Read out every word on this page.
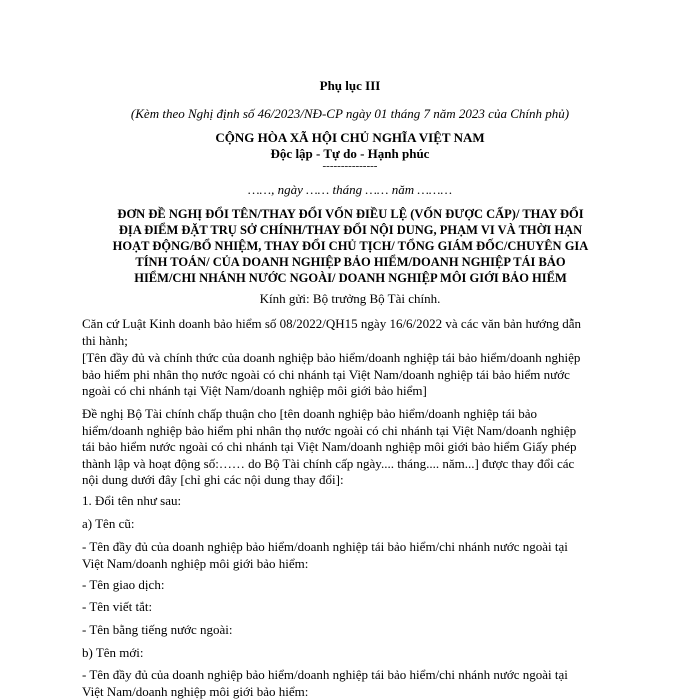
Phụ lục III
(Kèm theo Nghị định số 46/2023/NĐ-CP ngày 01 tháng 7 năm 2023 của Chính phủ)
CỘNG HÒA XÃ HỘI CHỦ NGHĨA VIỆT NAM
Độc lập - Tự do - Hạnh phúc
---------------
……, ngày …… tháng …… năm ………
ĐƠN ĐỀ NGHỊ ĐỔI TÊN/THAY ĐỔI VỐN ĐIỀU LỆ (VỐN ĐƯỢC CẤP)/ THAY ĐỔI
ĐỊA ĐIỂM ĐẶT TRỤ SỞ CHÍNH/THAY ĐỔI NỘI DUNG, PHẠM VI VÀ THỜI HẠN
HOẠT ĐỘNG/BỔ NHIỆM, THAY ĐỔI CHỦ TỊCH/ TỔNG GIÁM ĐỐC/CHUYÊN GIA
TÍNH TOÁN/ CỦA DOANH NGHIỆP BẢO HIỂM/DOANH NGHIỆP TÁI BẢO
HIỂM/CHI NHÁNH NƯỚC NGOÀI/ DOANH NGHIỆP MÔI GIỚI BẢO HIỂM
Kính gửi: Bộ trưởng Bộ Tài chính.
Căn cứ Luật Kinh doanh bảo hiểm số 08/2022/QH15 ngày 16/6/2022 và các văn bản hướng dẫn
thi hành;
[Tên đầy đủ và chính thức của doanh nghiệp bảo hiểm/doanh nghiệp tái bảo hiểm/doanh nghiệp
bảo hiểm phi nhân thọ nước ngoài có chi nhánh tại Việt Nam/doanh nghiệp tái bảo hiểm nước
ngoài có chi nhánh tại Việt Nam/doanh nghiệp môi giới bảo hiểm]
Đề nghị Bộ Tài chính chấp thuận cho [tên doanh nghiệp bảo hiểm/doanh nghiệp tái bảo
hiểm/doanh nghiệp bảo hiểm phi nhân thọ nước ngoài có chi nhánh tại Việt Nam/doanh nghiệp
tái bảo hiểm nước ngoài có chi nhánh tại Việt Nam/doanh nghiệp môi giới bảo hiểm Giấy phép
thành lập và hoạt động số:…… do Bộ Tài chính cấp ngày.... tháng.... năm...] được thay đổi các
nội dung dưới đây [chỉ ghi các nội dung thay đổi]:
1. Đổi tên như sau:
a) Tên cũ:
- Tên đầy đủ của doanh nghiệp bảo hiểm/doanh nghiệp tái bảo hiểm/chi nhánh nước ngoài tại
Việt Nam/doanh nghiệp môi giới bảo hiểm:
- Tên giao dịch:
- Tên viết tắt:
- Tên bằng tiếng nước ngoài:
b) Tên mới:
- Tên đầy đủ của doanh nghiệp bảo hiểm/doanh nghiệp tái bảo hiểm/chi nhánh nước ngoài tại
Việt Nam/doanh nghiệp môi giới bảo hiểm:
